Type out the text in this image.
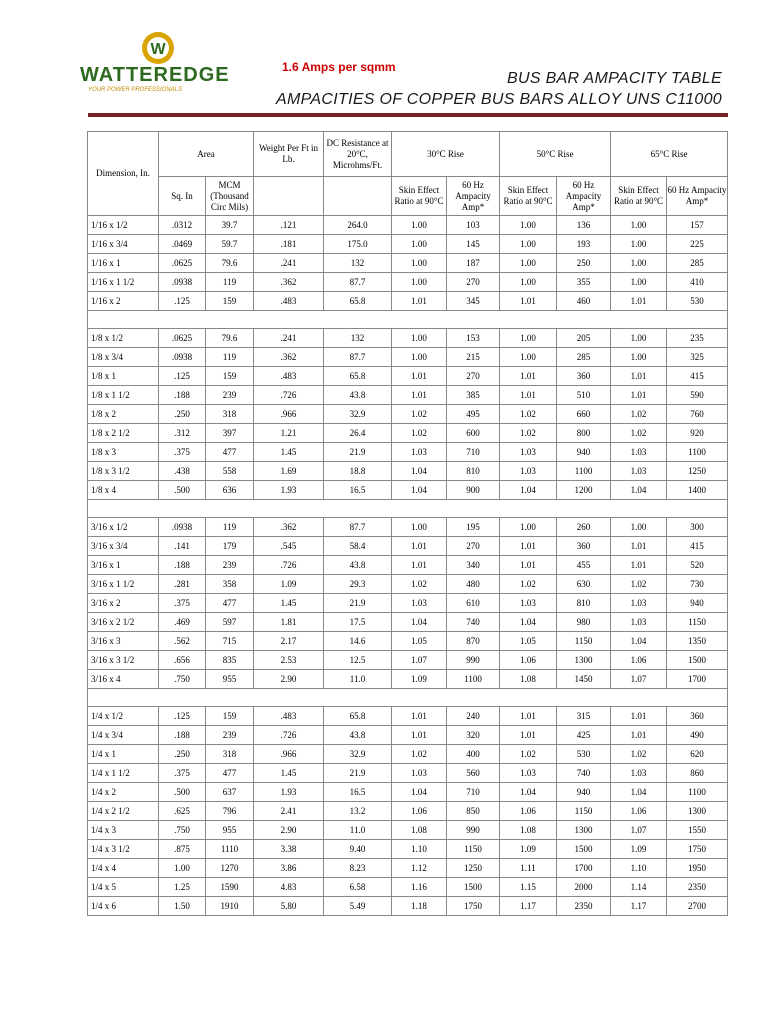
W
WATTEREDGE
YOUR POWER PROFESSIONALS
1.6 Amps per sqmm
BUS BAR AMPACITY TABLE
AMPACITIES OF COPPER BUS BARS ALLOY UNS C11000
Dimension, In.	Area		Weight Per Ft in Lb.	DC Resistance at 20°C, Microhms/Ft.	30°C Rise		50°C Rise		65°C Rise	
	Sq. In	MCM (Thousand Circ Mils)			Skin Effect Ratio at 90°C	60 Hz Ampacity Amp*	Skin Effect Ratio at 90°C	60 Hz Ampacity Amp*	Skin Effect Ratio at 90°C	60 Hz Ampacity Amp*
1/16 x 1/2	.0312	39.7	.121	264.0	1.00	103	1.00	136	1.00	157
1/16 x 3/4	.0469	59.7	.181	175.0	1.00	145	1.00	193	1.00	225
1/16 x 1	.0625	79.6	.241	132	1.00	187	1.00	250	1.00	285
1/16 x 1 1/2	.0938	119	.362	87.7	1.00	270	1.00	355	1.00	410
1/16 x 2	.125	159	.483	65.8	1.01	345	1.01	460	1.01	530

1/8 x 1/2	.0625	79.6	.241	132	1.00	153	1.00	205	1.00	235
1/8 x 3/4	.0938	119	.362	87.7	1.00	215	1.00	285	1.00	325
1/8 x 1	.125	159	.483	65.8	1.01	270	1.01	360	1.01	415
1/8 x 1 1/2	.188	239	.726	43.8	1.01	385	1.01	510	1.01	590
1/8 x 2	.250	318	.966	32.9	1.02	495	1.02	660	1.02	760
1/8 x 2 1/2	.312	397	1.21	26.4	1.02	600	1.02	800	1.02	920
1/8 x 3	.375	477	1.45	21.9	1.03	710	1.03	940	1.03	1100
1/8 x 3 1/2	.438	558	1.69	18.8	1.04	810	1.03	1100	1.03	1250
1/8 x 4	.500	636	1.93	16.5	1.04	900	1.04	1200	1.04	1400

3/16 x 1/2	.0938	119	.362	87.7	1.00	195	1.00	260	1.00	300
3/16 x 3/4	.141	179	.545	58.4	1.01	270	1.01	360	1.01	415
3/16 x 1	.188	239	.726	43.8	1.01	340	1.01	455	1.01	520
3/16 x 1 1/2	.281	358	1.09	29.3	1.02	480	1.02	630	1.02	730
3/16 x 2	.375	477	1.45	21.9	1.03	610	1.03	810	1.03	940
3/16 x 2 1/2	.469	597	1.81	17.5	1.04	740	1.04	980	1.03	1150
3/16 x 3	.562	715	2.17	14.6	1.05	870	1.05	1150	1.04	1350
3/16 x 3 1/2	.656	835	2.53	12.5	1.07	990	1.06	1300	1.06	1500
3/16 x 4	.750	955	2.90	11.0	1.09	1100	1.08	1450	1.07	1700

1/4 x 1/2	.125	159	.483	65.8	1.01	240	1.01	315	1.01	360
1/4 x 3/4	.188	239	.726	43.8	1.01	320	1.01	425	1.01	490
1/4 x 1	.250	318	.966	32.9	1.02	400	1.02	530	1.02	620
1/4 x 1 1/2	.375	477	1.45	21.9	1.03	560	1.03	740	1.03	860
1/4 x 2	.500	637	1.93	16.5	1.04	710	1.04	940	1.04	1100
1/4 x 2 1/2	.625	796	2.41	13.2	1.06	850	1.06	1150	1.06	1300
1/4 x 3	.750	955	2.90	11.0	1.08	990	1.08	1300	1.07	1550
1/4 x 3 1/2	.875	1110	3.38	9.40	1.10	1150	1.09	1500	1.09	1750
1/4 x 4	1.00	1270	3.86	8.23	1.12	1250	1.11	1700	1.10	1950
1/4 x 5	1.25	1590	4.83	6.58	1.16	1500	1.15	2000	1.14	2350
1/4 x 6	1.50	1910	5.80	5.49	1.18	1750	1.17	2350	1.17	2700
